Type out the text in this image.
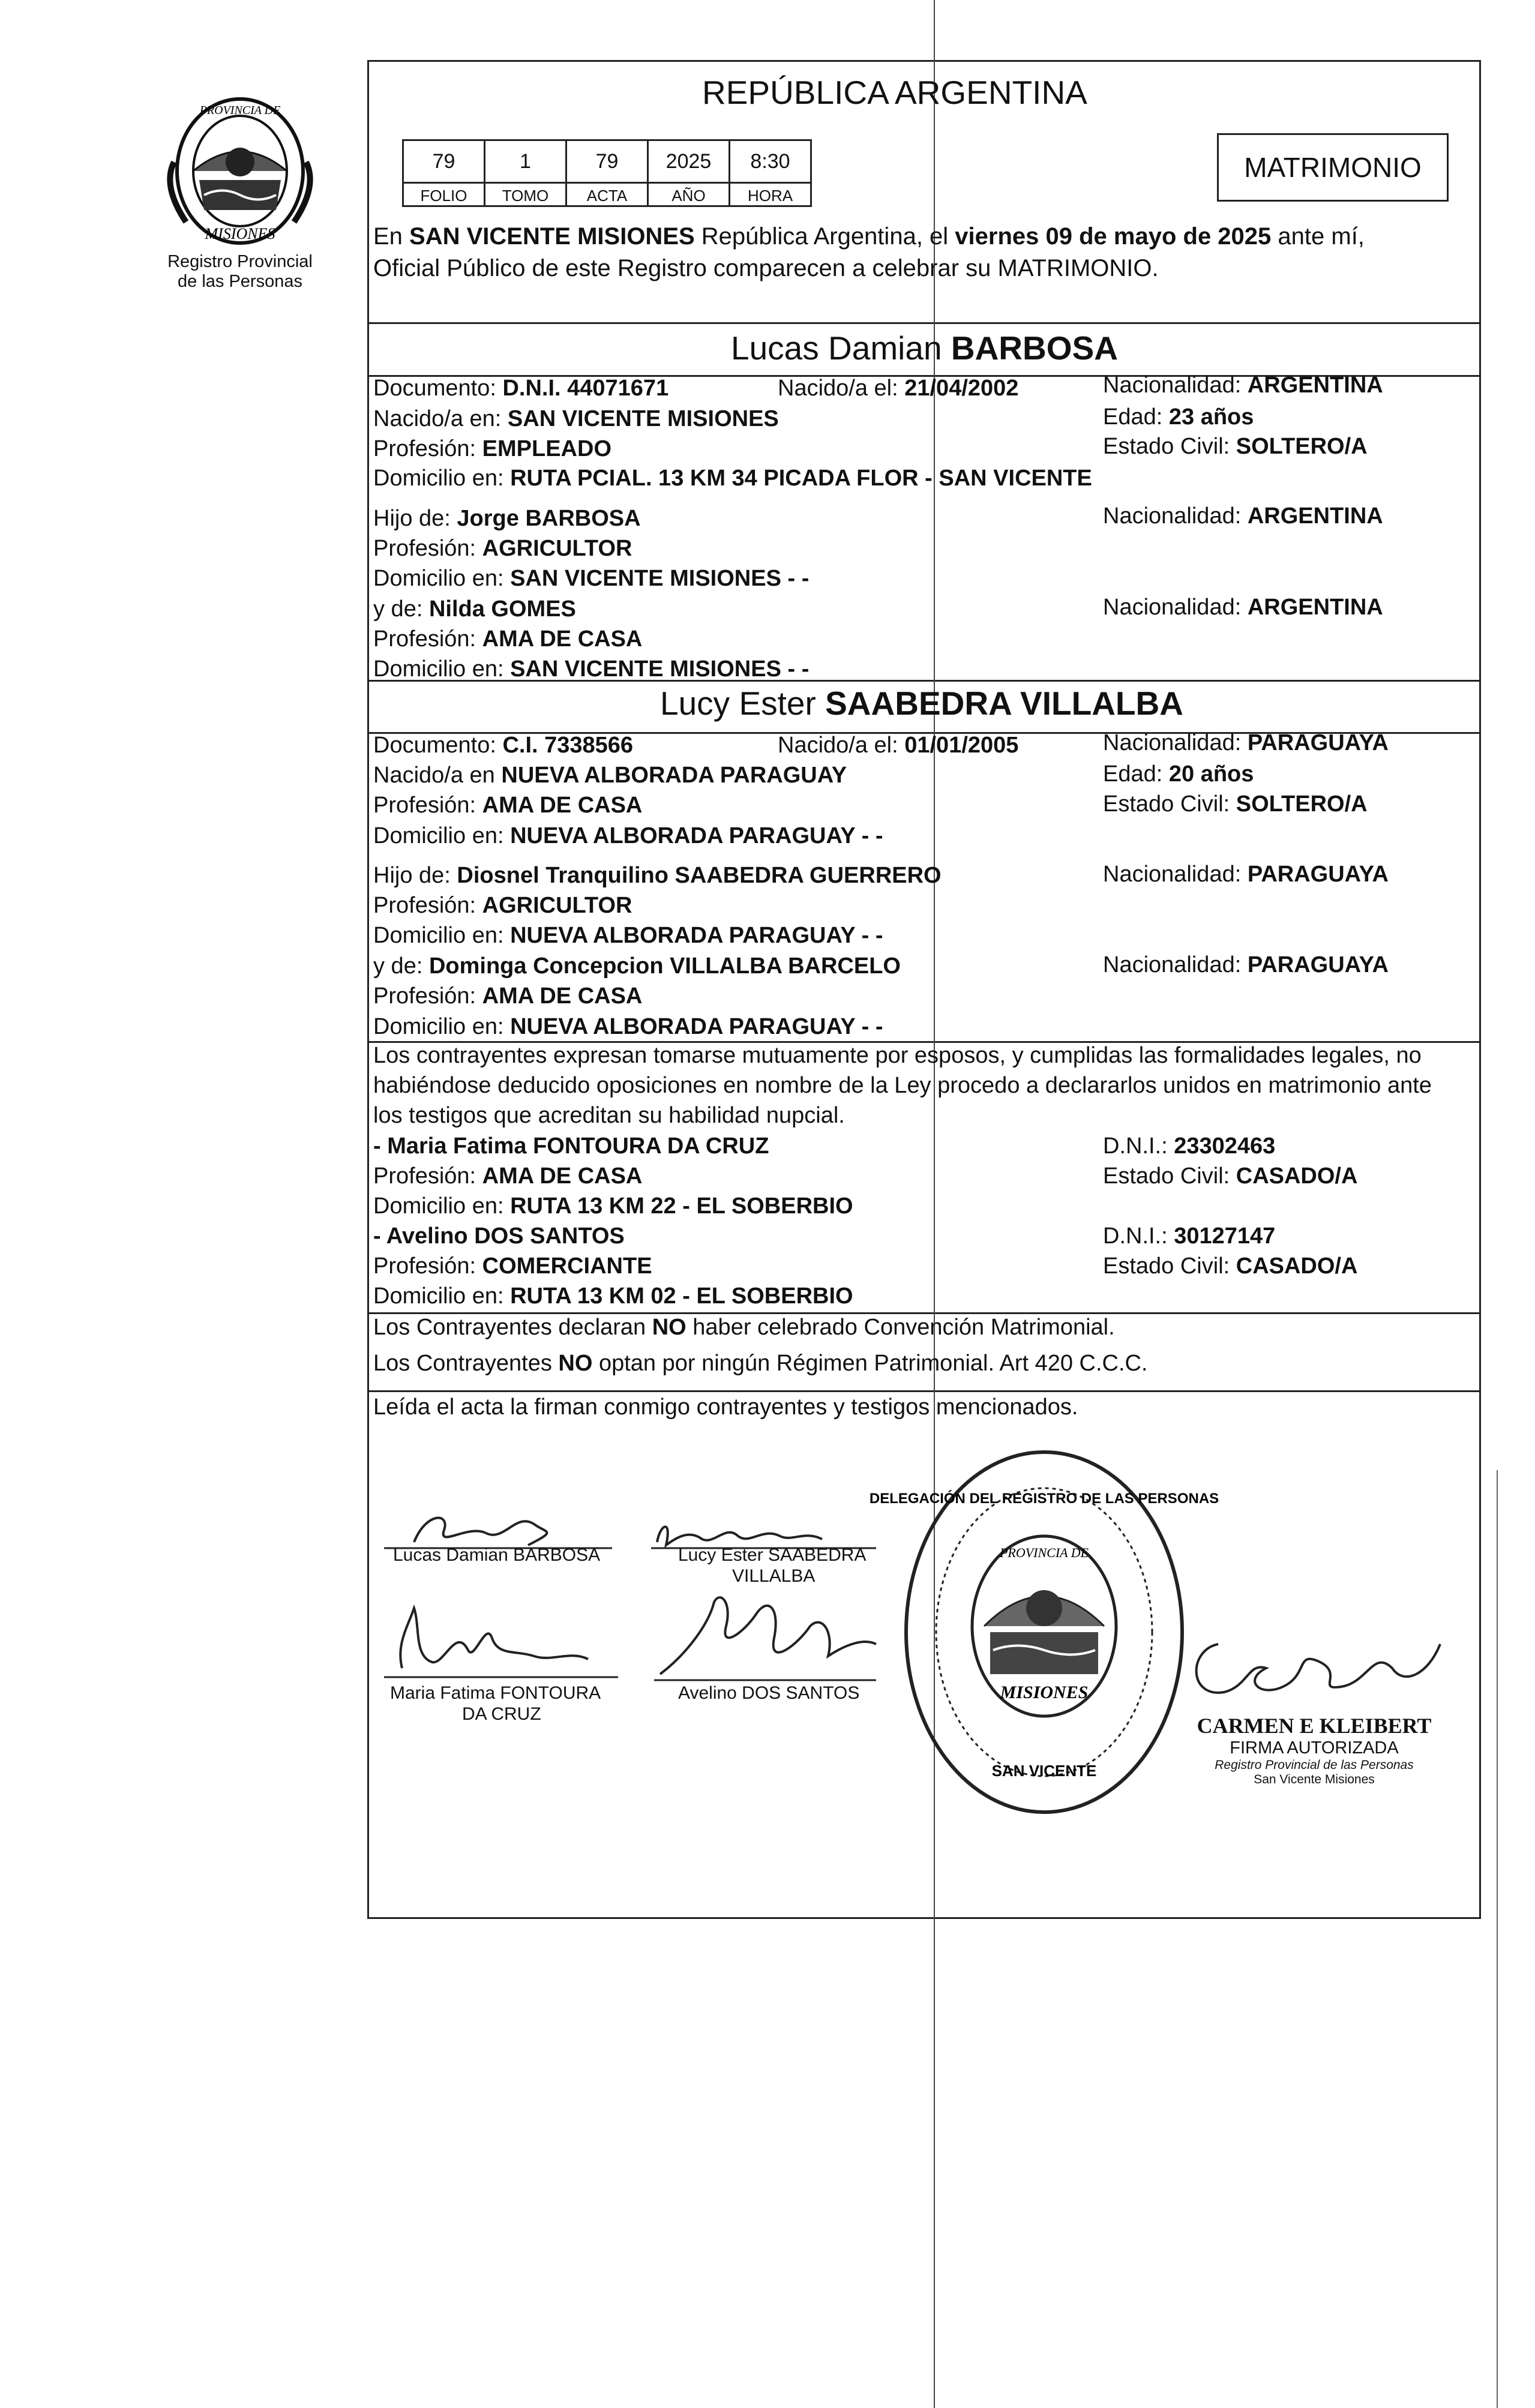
PROVINCIA DE
MISIONES
Registro Provincial
de las Personas
REPÚBLICA ARGENTINA
MATRIMONIO
79	1	79	2025	8:30
FOLIO	TOMO	ACTA	AÑO	HORA
En SAN VICENTE MISIONES República Argentina, el viernes 09 de mayo de 2025 ante mí,
Oficial Público de este Registro comparecen a celebrar su MATRIMONIO.
Lucas Damian BARBOSA
Documento: D.N.I. 44071671	Nacido/a el: 21/04/2002	Nacionalidad: ARGENTINA
Nacido/a en: SAN VICENTE MISIONES	Edad: 23 años
Profesión: EMPLEADO	Estado Civil: SOLTERO/A
Domicilio en: RUTA PCIAL. 13 KM 34 PICADA FLOR - SAN VICENTE
Hijo de: Jorge BARBOSA	Nacionalidad: ARGENTINA
Profesión: AGRICULTOR
Domicilio en: SAN VICENTE MISIONES - -
y de: Nilda GOMES	Nacionalidad: ARGENTINA
Profesión: AMA DE CASA
Domicilio en: SAN VICENTE MISIONES - -
Lucy Ester SAABEDRA VILLALBA
Documento: C.I. 7338566	Nacido/a el: 01/01/2005	Nacionalidad: PARAGUAYA
Nacido/a en NUEVA ALBORADA PARAGUAY	Edad: 20 años
Profesión: AMA DE CASA	Estado Civil: SOLTERO/A
Domicilio en: NUEVA ALBORADA PARAGUAY - -
Hijo de: Diosnel Tranquilino SAABEDRA GUERRERO	Nacionalidad: PARAGUAYA
Profesión: AGRICULTOR
Domicilio en: NUEVA ALBORADA PARAGUAY - -
y de: Dominga Concepcion VILLALBA BARCELO	Nacionalidad: PARAGUAYA
Profesión: AMA DE CASA
Domicilio en: NUEVA ALBORADA PARAGUAY - -
Los contrayentes expresan tomarse mutuamente por esposos, y cumplidas las formalidades legales, no
habiéndose deducido oposiciones en nombre de la Ley procedo a declararlos unidos en matrimonio ante
los testigos que acreditan su habilidad nupcial.
- Maria Fatima FONTOURA DA CRUZ	D.N.I.: 23302463
Profesión: AMA DE CASA	Estado Civil: CASADO/A
Domicilio en: RUTA 13 KM 22 - EL SOBERBIO
- Avelino DOS SANTOS	D.N.I.: 30127147
Profesión: COMERCIANTE	Estado Civil: CASADO/A
Domicilio en: RUTA 13 KM 02 - EL SOBERBIO
Los Contrayentes declaran NO haber celebrado Convención Matrimonial.
Los Contrayentes NO optan por ningún Régimen Patrimonial. Art 420 C.C.C.
Leída el acta la firman conmigo contrayentes y testigos mencionados.
Lucas Damian BARBOSA	Lucy Ester SAABEDRA
VILLALBA
Maria Fatima FONTOURA
DA CRUZ
Avelino DOS SANTOS
DELEGACIÓN DEL REGISTRO DE LAS PERSONAS
PROVINCIA DE
MISIONES
SAN VICENTE
CARMEN E KLEIBERT
FIRMA AUTORIZADA
Registro Provincial de las Personas
San Vicente Misiones
